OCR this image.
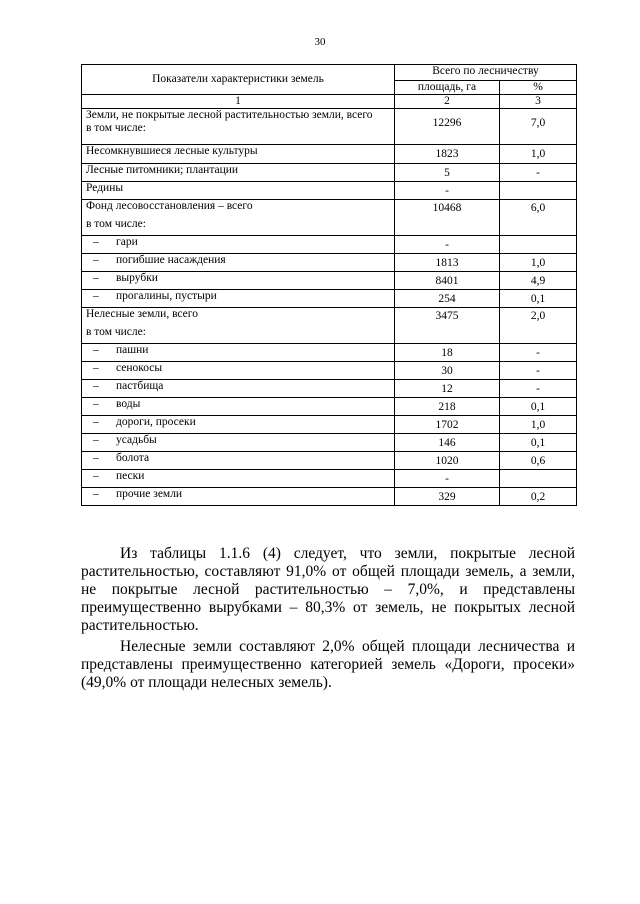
30
Показатели характеристики земель	Всего по лесничеству	
	площадь, га	%
1	2	3

Земли, не покрытые лесной растительностью земли, всего
в том числе:	12296	7,0
Несомкнувшиеся лесные культуры	1823	1,0
Лесные питомники; плантации	5	-
Редины	-	
Фонд лесовосстановления – всего
в том числе:	10468	6,0
– гари	-	
– погибшие насаждения	1813	1,0
– вырубки	8401	4,9
– прогалины, пустыри	254	0,1
Нелесные земли, всего
в том числе:	3475	2,0
– пашни	18	-
– сенокосы	30	-
– пастбища	12	-
– воды	218	0,1
– дороги, просеки	1702	1,0
– усадьбы	146	0,1
– болота	1020	0,6
– пески	-	
– прочие земли	329	0,2

Из таблицы 1.1.6 (4) следует, что земли, покрытые лесной растительностью, составляют 91,0% от общей площади земель, а земли, не покрытые лесной растительностью – 7,0%, и представлены преимущественно вырубками – 80,3% от земель, не покрытых лесной растительностью.

Нелесные земли составляют 2,0% общей площади лесничества и представлены преимущественно категорией земель «Дороги, просеки» (49,0% от площади нелесных земель).
